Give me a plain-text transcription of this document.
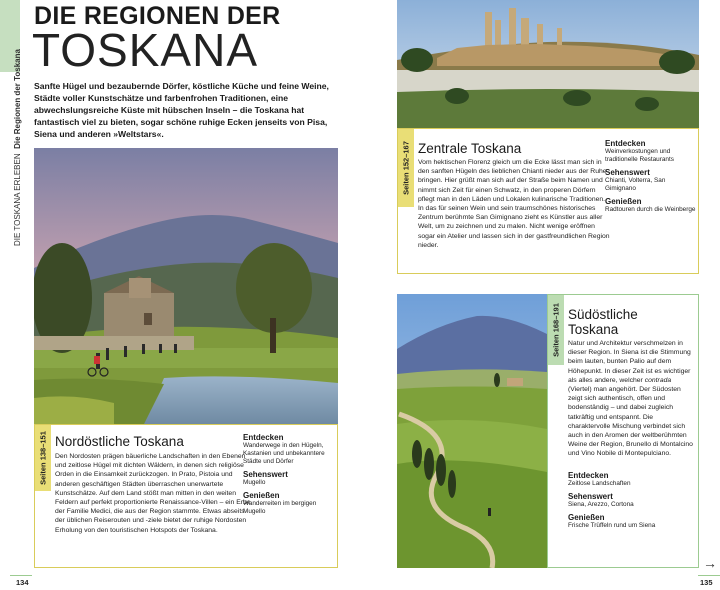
DIE REGIONEN DER
TOSKANA
DIE TOSKANA ERLEBEN  Die Regionen der Toskana	Sanfte Hügel und bezaubernde Dörfer, köstliche Küche und feine Weine, Städte voller Kunstschätze und farbenfrohen Traditionen, eine abwechslungsreiche Küste mit hübschen Inseln – die Toskana hat fantastisch viel zu bieten, sogar schöne ruhige Ecken jenseits von Pisa, Siena und anderen »Weltstars«.
Seiten 138–151 Nordöstliche Toskana
Den Nordosten prägen bäuerliche Landschaften in den Ebenen und zeitlose Hügel mit dichten Wäldern, in denen sich religiöse Orden in die Einsamkeit zurückzogen. In Prato, Pistoia und anderen geschäftigen Städten überraschen unerwartete Kunstschätze. Auf dem Land stößt man mitten in den weiten Feldern auf perfekt proportionierte Renaissance-Villen – ein Erbe der Familie Medici, die aus der Region stammte. Etwas abseits der üblichen Reiserouten und -ziele bietet der ruhige Nordosten Erholung von den touristischen Hotspots der Toskana.
Entdecken

Wanderwege in den Hügeln, Kastanien und unbekanntere Städte und Dörfer

Sehenswert

Mugello

Genießen

Wanderreiten im bergigen Mugello

Seiten 152–167 Zentrale Toskana
Vom hektischen Florenz gleich um die Ecke lässt man sich in den sanften Hügeln des lieblichen Chianti nieder aus der Ruhe bringen. Hier grüßt man sich auf der Straße beim Namen und nimmt sich Zeit für einen Schwatz, in den properen Dörfern pflegt man in den Läden und Lokalen kulinarische Traditionen. In das für seinen Wein und sein traumschönes historisches Zentrum berühmte San Gimignano zieht es Künstler aus aller Welt, um zu zeichnen und zu malen. Nicht wenige eröffnen sogar ein Atelier und lassen sich in der gastfreundlichen Region nieder.
Entdecken

Weinverkostungen und traditionelle Restaurants

Sehenswert

Chianti, Volterra, San Gimignano

Genießen

Radtouren durch die Weinberge

Seiten 168–191 Südöstliche
Toskana
Natur und Architektur verschmelzen in dieser Region. In Siena ist die Stimmung beim lauten, bunten Palio auf dem Höhepunkt. In dieser Zeit ist es wichtiger als alles andere, welcher contrada (Viertel) man angehört. Der Südosten zeigt sich authentisch, offen und bodenständig – und dabei zugleich tatkräftig und entspannt. Die charaktervolle Mischung verbindet sich auch in den Aromen der weltberühmten Weine der Region, Brunello di Montalcino und Vino Nobile di Montepulciano.
Entdecken

Zeitlose Landschaften

Sehenswert

Siena, Arezzo, Cortona

Genießen

Frische Trüffeln rund um Siena

134	135
→
